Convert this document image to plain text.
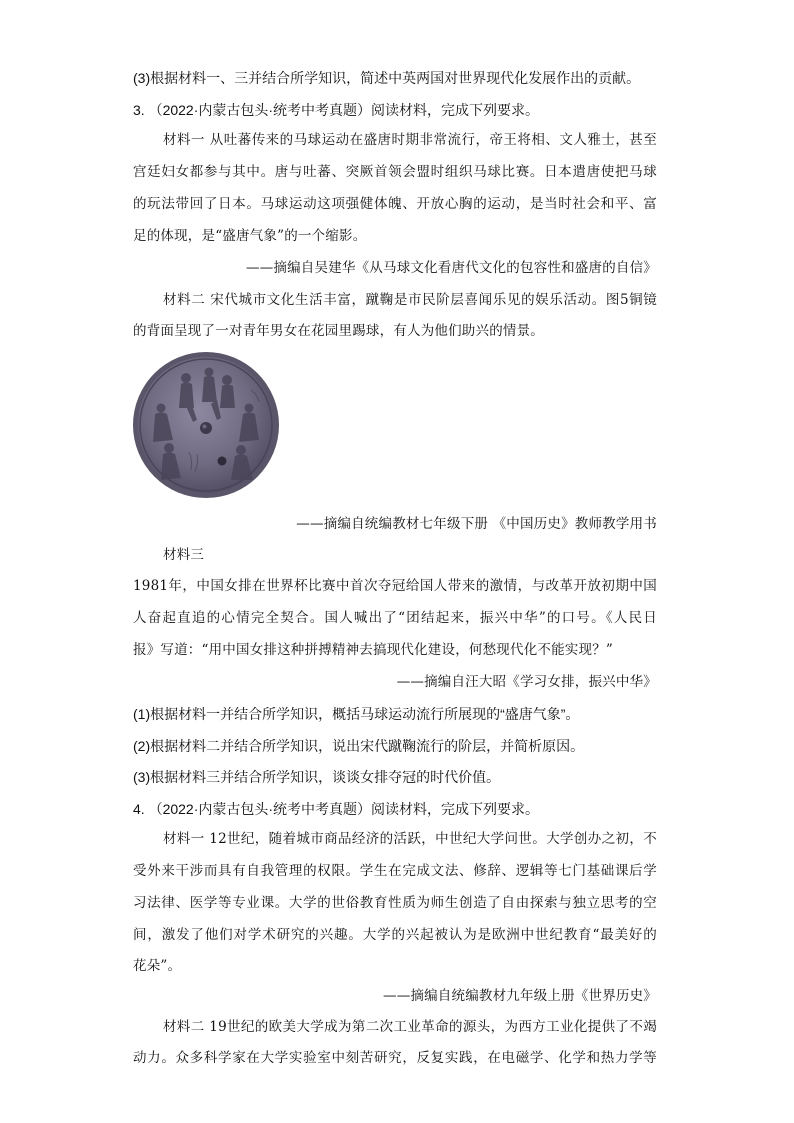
(3)根据材料一、三并结合所学知识，简述中英两国对世界现代化发展作出的贡献。
3. （2022·内蒙古包头·统考中考真题）阅读材料，完成下列要求。
材料一 从吐蕃传来的马球运动在盛唐时期非常流行，帝王将相、文人雅士，甚至
宫廷妇女都参与其中。唐与吐蕃、突厥首领会盟时组织马球比赛。日本遣唐使把马球
的玩法带回了日本。马球运动这项强健体魄、开放心胸的运动，是当时社会和平、富
足的体现，是“盛唐气象”的一个缩影。
——摘编自吴建华《从马球文化看唐代文化的包容性和盛唐的自信》
材料二 宋代城市文化生活丰富，蹴鞠是市民阶层喜闻乐见的娱乐活动。图5铜镜
的背面呈现了一对青年男女在花园里踢球，有人为他们助兴的情景。
——摘编自统编教材七年级下册 《中国历史》教师教学用书
材料三
1981年，中国女排在世界杯比赛中首次夺冠给国人带来的激情，与改革开放初期中国
人奋起直追的心情完全契合。国人喊出了“团结起来，振兴中华”的口号。《人民日
报》写道：“用中国女排这种拼搏精神去搞现代化建设，何愁现代化不能实现？”
——摘编自汪大昭《学习女排，振兴中华》
(1)根据材料一并结合所学知识，概括马球运动流行所展现的“盛唐气象”。
(2)根据材料二并结合所学知识，说出宋代蹴鞠流行的阶层，并简析原因。
(3)根据材料三并结合所学知识，谈谈女排夺冠的时代价值。
4. （2022·内蒙古包头·统考中考真题）阅读材料，完成下列要求。
材料一 12世纪，随着城市商品经济的活跃，中世纪大学问世。大学创办之初，不
受外来干涉而具有自我管理的权限。学生在完成文法、修辞、逻辑等七门基础课后学
习法律、医学等专业课。大学的世俗教育性质为师生创造了自由探索与独立思考的空
间，激发了他们对学术研究的兴趣。大学的兴起被认为是欧洲中世纪教育“最美好的
花朵”。
——摘编自统编教材九年级上册《世界历史》
材料二 19世纪的欧美大学成为第二次工业革命的源头，为西方工业化提供了不竭
动力。众多科学家在大学实验室中刻苦研究，反复实践，在电磁学、化学和热力学等
